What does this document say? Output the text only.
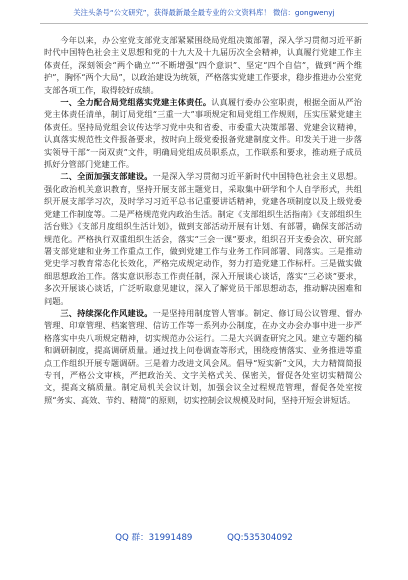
关注头条号“公文研究”，获得最新最全最专业的公文资料库！ 微信：gongwenyj

今年以来，办公室党支部党支部紧紧围绕局党组决策部署，深入学习贯彻习近平新时代中国特色社会主义思想和党的十九大及十九届历次全会精神，认真履行党建工作主体责任，深刻领会“两个确立”“不断增强“四个意识”、坚定“四个自信”，做到“两个维护”，胸怀“两个大局”，以政治建设为统领，严格落实党建工作要求，稳步推进办公室党支部各项工作，取得较好成绩。

一、全力配合局党组落实党建主体责任。认真履行委办公室职责，根据全面从严治党主体责任清单，制订局党组“三重一大”事项规定和局党组工作规则，压实压紧党建主体责任。坚持局党组会议传达学习党中央和省委、市委重大决策部署、党建会议精神，认真落实规范性文件报备要求，按时向上级党委报备党建制度文件。印发关于进一步落实领导干部“一岗双责”文件，明确局党组成员职系点，工作联系和要求，推动班子成员抓好分管部门党建工作。

二、全面加强支部建设。一是深入学习贯彻习近平新时代中国特色社会主义思想。强化政治机关意识教育，坚持开展支部主题党日，采取集中研学和个人自学形式，共组织开展支部学习次，及时学习习近平总书记重要讲话精神，党建各项制度以及上级党委党建工作制度等。二是严格规范党内政治生活。制定《支部组织生活指南》《支部组织生活台账》《支部月度组织生活计划》，做到支部活动开展有计划、有部署，确保支部活动规范化。严格执行双重组织生活会，落实“三会一课”要求，组织召开支委会次、研究部署支部党建和业务工作重点工作，做到党建工作与业务工作同部署、同落实。三是推动党史学习教育常态化长效化，严格完成规定动作，努力打造党建工作标杆。三是做实做细思想政治工作。落实意识形态工作责任制，深入开展谈心谈话，落实“三必谈”要求，多次开展谈心谈话，广泛听取意见建议，深入了解党员干部思想动态，推动解决困难和问题。

三、持续深化作风建设。一是坚持用制度管人管事。制定、修订局公议管理、督办管理、印章管理、档案管理、信访工作等一系列办公制度，在办文办会办事中进一步严格落实中央八项规定精神，切实规范办公运行。二是大兴调查研究之风。建立专题约稿和调研制度，提高调研质量。通过找上问卷调查等形式，围绕疫情落实、业务推进等重点工作组织开展专题调研。三是着力改进文风会风。倡导“短实新”文风，大力精简简报专刊，严格公文审核，严把政治关、文字关格式关、保密关，督促各处室切实精简公文，提高文稿质量。制定局机关会议计划，加强会议全过程规范管理，督促各处室按照“务实、高效、节约、精简”的原则，切实控制会议规模及时间，坚持开短会讲短话。

QQ 群：31991489	QQ:535304092
